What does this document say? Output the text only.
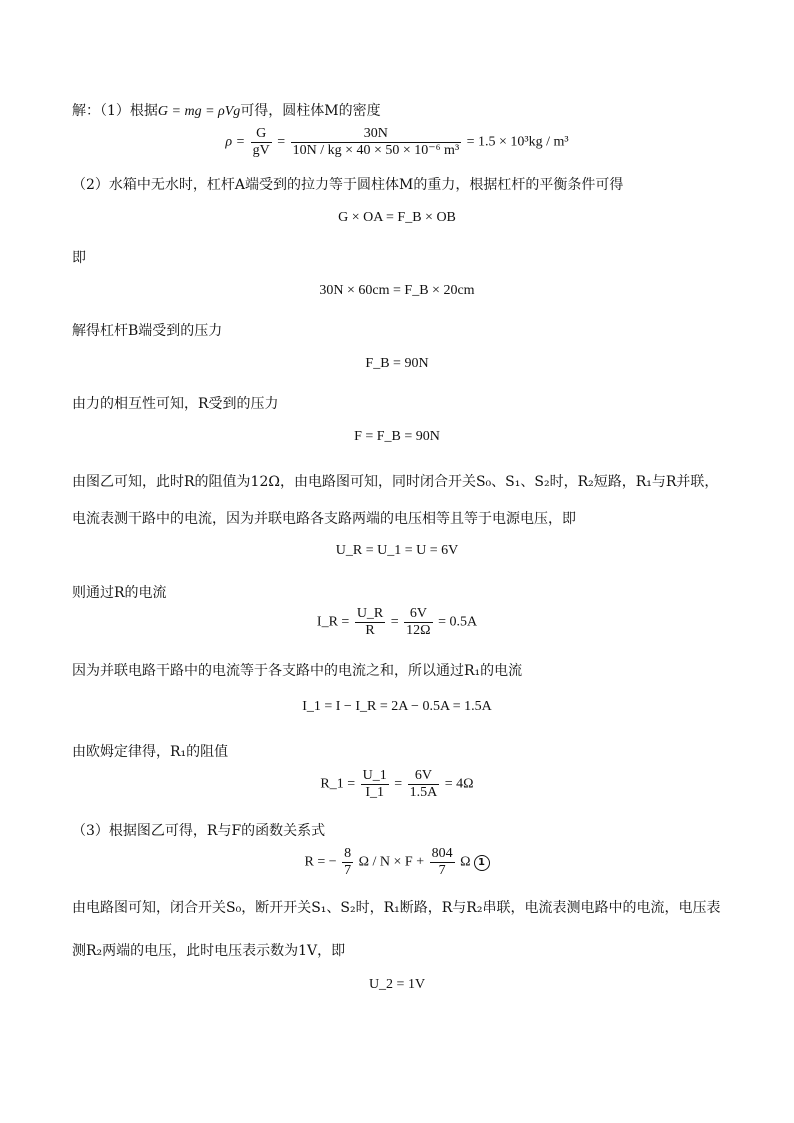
解：（1）根据G = mg = ρVg可得，圆柱体M的密度
$\rho = \frac{G}{gV} = \frac{30N}{\text{10N / kg × 40 × 50 × 10⁻⁶ m³}} = 1.5 \times 10^3kg / m^3$
（2）水箱中无水时，杠杆A端受到的拉力等于圆柱体M的重力，根据杠杆的平衡条件可得
G × OA = F_B × OB
即
30N × 60cm = F_B × 20cm
解得杠杆B端受到的压力
F_B = 90N
由力的相互性可知，R受到的压力
F = F_B = 90N
由图乙可知，此时R的阻值为12Ω，由电路图可知，同时闭合开关S₀、S₁、S₂时，R₂短路，R₁与R并联，
电流表测干路中的电流，因为并联电路各支路两端的电压相等且等于电源电压，即
U_R = U_1 = U = 6V
则通过R的电流
I_R = $\frac{U\_R}{R} = \frac{6V}{12\Omega} = 0.5A$
因为并联电路干路中的电流等于各支路中的电流之和，所以通过R₁的电流
I_1 = I − I_R = 2A − 0.5A = 1.5A
由欧姆定律得，R₁的阻值
R_1 = $\frac{U\_1}{I\_1} = \frac{6V}{1.5A} = 4\Omega$
（3）根据图乙可得，R与F的函数关系式
R = − $\frac{8}{7}$ $\Omega / N \times F + \frac{804}{7}$ Ω 1
由电路图可知，闭合开关S₀，断开开关S₁、S₂时，R₁断路，R与R₂串联，电流表测电路中的电流，电压表
测R₂两端的电压，此时电压表示数为1V，即
U_2 = 1V
